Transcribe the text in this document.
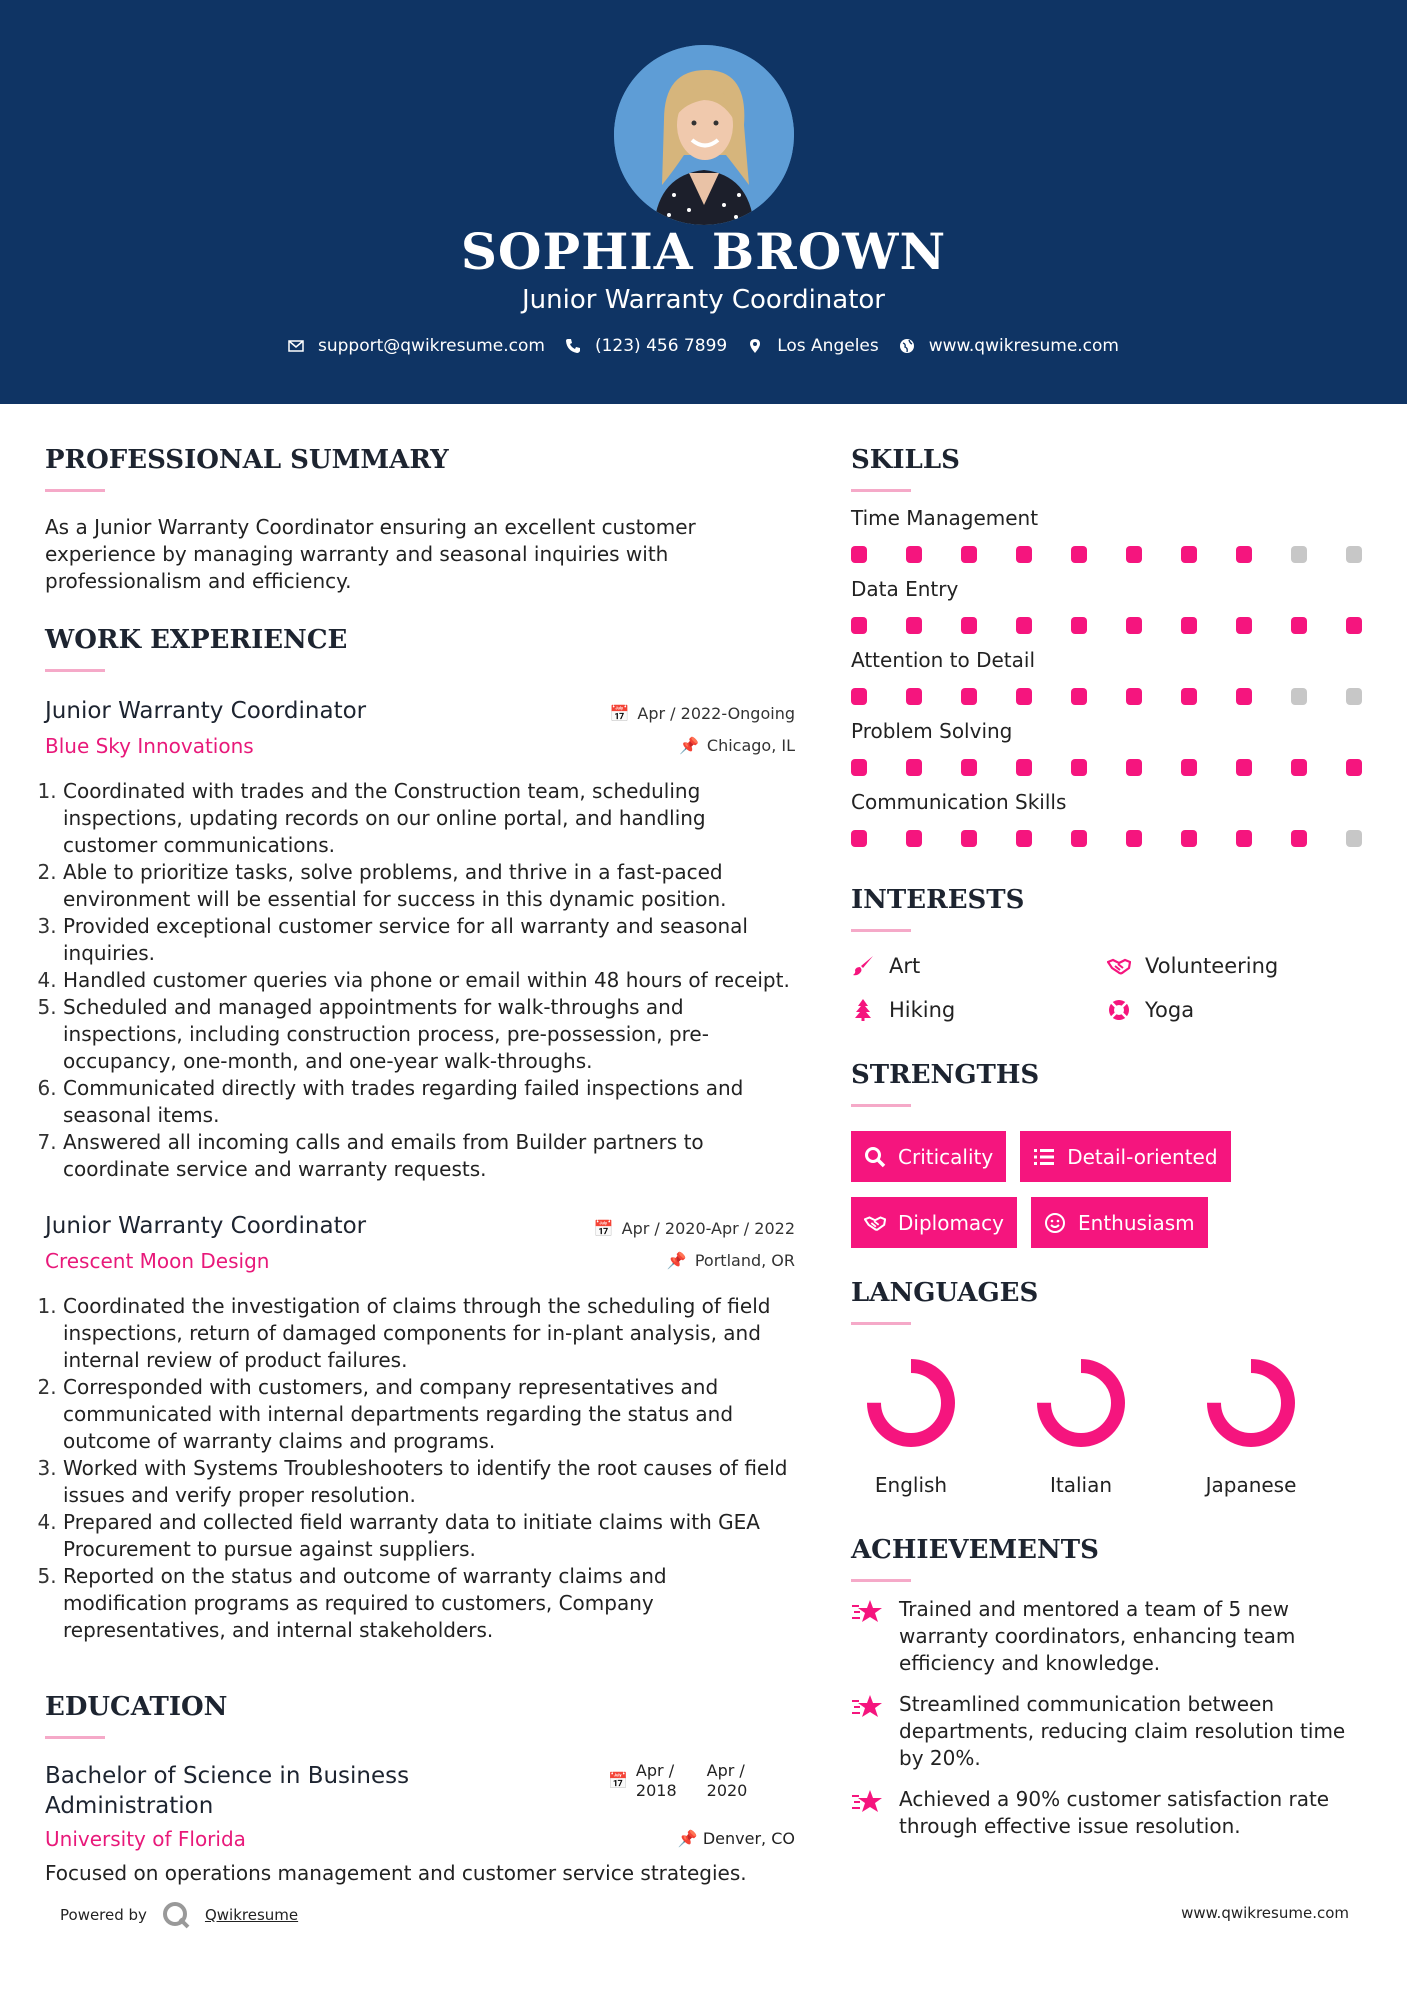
SOPHIA BROWN
Junior Warranty Coordinator
support@qwikresume.com	(123) 456 7899	Los Angeles	www.qwikresume.com
PROFESSIONAL SUMMARY
As a Junior Warranty Coordinator ensuring an excellent customer experience by managing warranty and seasonal inquiries with professionalism and efficiency.
WORK EXPERIENCE
Junior Warranty Coordinator
Blue Sky Innovations
📅 Apr / 2022-Ongoing
📌 Chicago, IL
1. Coordinated with trades and the Construction team, scheduling inspections, updating records on our online portal, and handling customer communications.
2. Able to prioritize tasks, solve problems, and thrive in a fast-paced environment will be essential for success in this dynamic position.
3. Provided exceptional customer service for all warranty and seasonal inquiries.
4. Handled customer queries via phone or email within 48 hours of receipt.
5. Scheduled and managed appointments for walk-throughs and inspections, including construction process, pre-possession, pre-occupancy, one-month, and one-year walk-throughs.
6. Communicated directly with trades regarding failed inspections and seasonal items.
7. Answered all incoming calls and emails from Builder partners to coordinate service and warranty requests.
Junior Warranty Coordinator
Crescent Moon Design
📅 Apr / 2020-Apr / 2022
📌 Portland, OR
1. Coordinated the investigation of claims through the scheduling of field inspections, return of damaged components for in-plant analysis, and internal review of product failures.
2. Corresponded with customers, and company representatives and communicated with internal departments regarding the status and outcome of warranty claims and programs.
3. Worked with Systems Troubleshooters to identify the root causes of field issues and verify proper resolution.
4. Prepared and collected field warranty data to initiate claims with GEA Procurement to pursue against suppliers.
5. Reported on the status and outcome of warranty claims and modification programs as required to customers, Company representatives, and internal stakeholders.
EDUCATION
Bachelor of Science in Business
Administration
University of Florida
📅
Apr /
2018
Apr /
2020
📌 Denver, CO
Focused on operations management and customer service strategies.
SKILLS
Time Management
Data Entry
Attention to Detail
Problem Solving
Communication Skills
INTERESTS
Art	Volunteering
Hiking	Yoga
STRENGTHS
Criticality	Detail-oriented
Diplomacy	Enthusiasm
LANGUAGES
English	Italian	Japanese
ACHIEVEMENTS
Trained and mentored a team of 5 new warranty coordinators, enhancing team efficiency and knowledge.
Streamlined communication between departments, reducing claim resolution time by 20%.
Achieved a 90% customer satisfaction rate through effective issue resolution.
Powered by	Qwikresume	www.qwikresume.com
